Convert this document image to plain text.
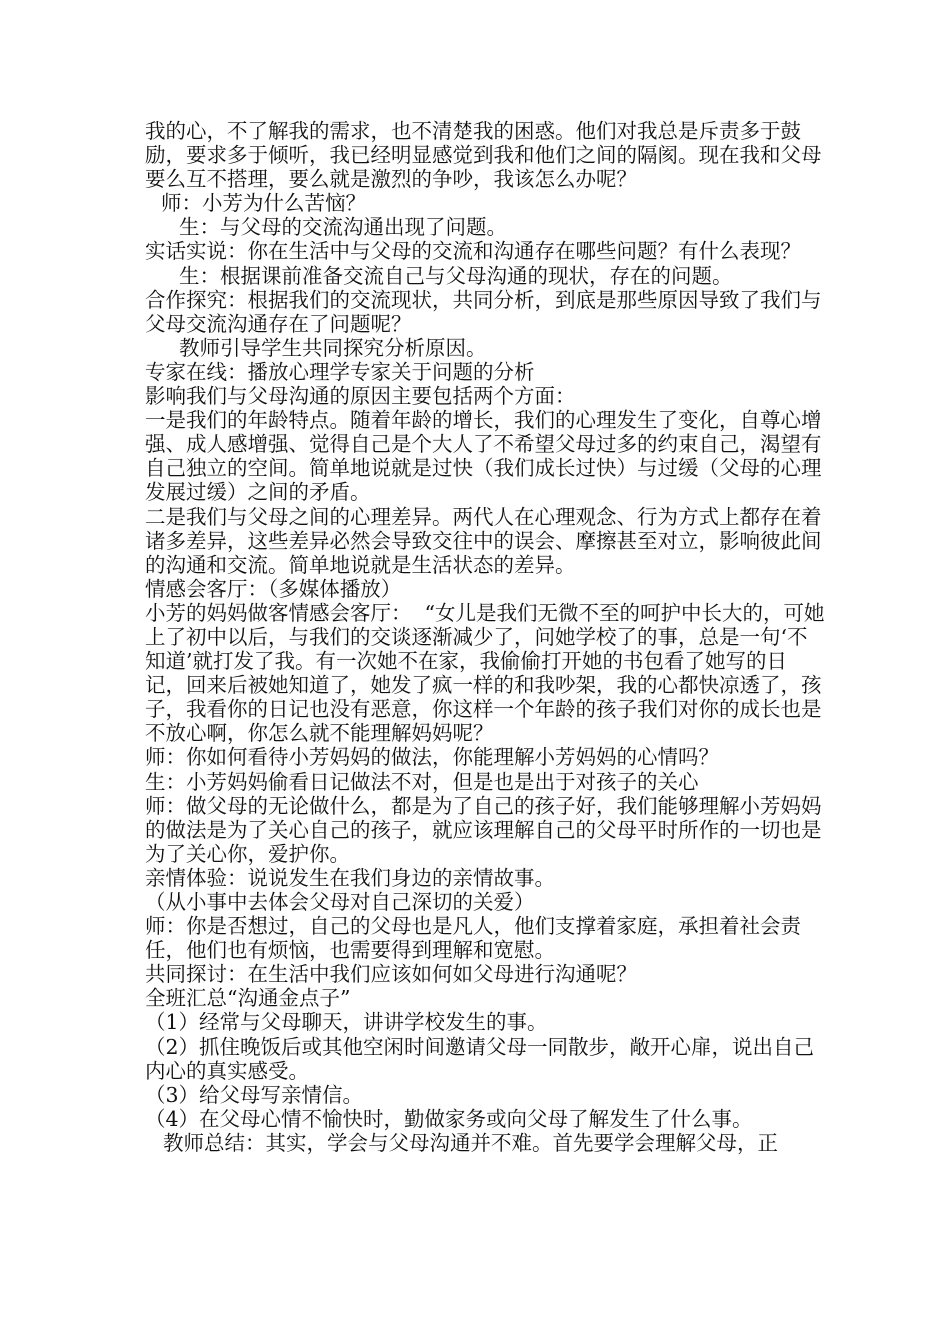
我的心，不了解我的需求，也不清楚我的困惑。他们对我总是斥责多于鼓励，要求多于倾听，我已经明显感觉到我和他们之间的隔阂。现在我和父母要么互不搭理，要么就是激烈的争吵，我该怎么办呢？

师：小芳为什么苦恼？

生：与父母的交流沟通出现了问题。

实话实说：你在生活中与父母的交流和沟通存在哪些问题？有什么表现？

生：根据课前准备交流自己与父母沟通的现状，存在的问题。

合作探究：根据我们的交流现状，共同分析，到底是那些原因导致了我们与父母交流沟通存在了问题呢？

教师引导学生共同探究分析原因。

专家在线：播放心理学专家关于问题的分析

影响我们与父母沟通的原因主要包括两个方面：

一是我们的年龄特点。随着年龄的增长，我们的心理发生了变化，自尊心增强、成人感增强、觉得自己是个大人了不希望父母过多的约束自己，渴望有自己独立的空间。简单地说就是过快（我们成长过快）与过缓（父母的心理发展过缓）之间的矛盾。

二是我们与父母之间的心理差异。两代人在心理观念、行为方式上都存在着诸多差异，这些差异必然会导致交往中的误会、摩擦甚至对立，影响彼此间的沟通和交流。简单地说就是生活状态的差异。

情感会客厅：（多媒体播放）

小芳的妈妈做客情感会客厅：  “女儿是我们无微不至的呵护中长大的，可她上了初中以后，与我们的交谈逐渐减少了，问她学校了的事，总是一句‘不知道’就打发了我。有一次她不在家，我偷偷打开她的书包看了她写的日记，回来后被她知道了，她发了疯一样的和我吵架，我的心都快凉透了，孩子，我看你的日记也没有恶意，你这样一个年龄的孩子我们对你的成长也是不放心啊，你怎么就不能理解妈妈呢？

师：你如何看待小芳妈妈的做法，你能理解小芳妈妈的心情吗？

生：小芳妈妈偷看日记做法不对，但是也是出于对孩子的关心

师：做父母的无论做什么，都是为了自己的孩子好，我们能够理解小芳妈妈的做法是为了关心自己的孩子，就应该理解自己的父母平时所作的一切也是为了关心你，爱护你。

亲情体验：说说发生在我们身边的亲情故事。

（从小事中去体会父母对自己深切的关爱）

师：你是否想过，自己的父母也是凡人，他们支撑着家庭，承担着社会责任，他们也有烦恼，也需要得到理解和宽慰。

共同探讨：在生活中我们应该如何如父母进行沟通呢？

全班汇总“沟通金点子”

（1）经常与父母聊天，讲讲学校发生的事。

（2）抓住晚饭后或其他空闲时间邀请父母一同散步，敞开心扉，说出自己内心的真实感受。

（3）给父母写亲情信。

（4）在父母心情不愉快时，勤做家务或向父母了解发生了什么事。

教师总结：其实，学会与父母沟通并不难。首先要学会理解父母，正
